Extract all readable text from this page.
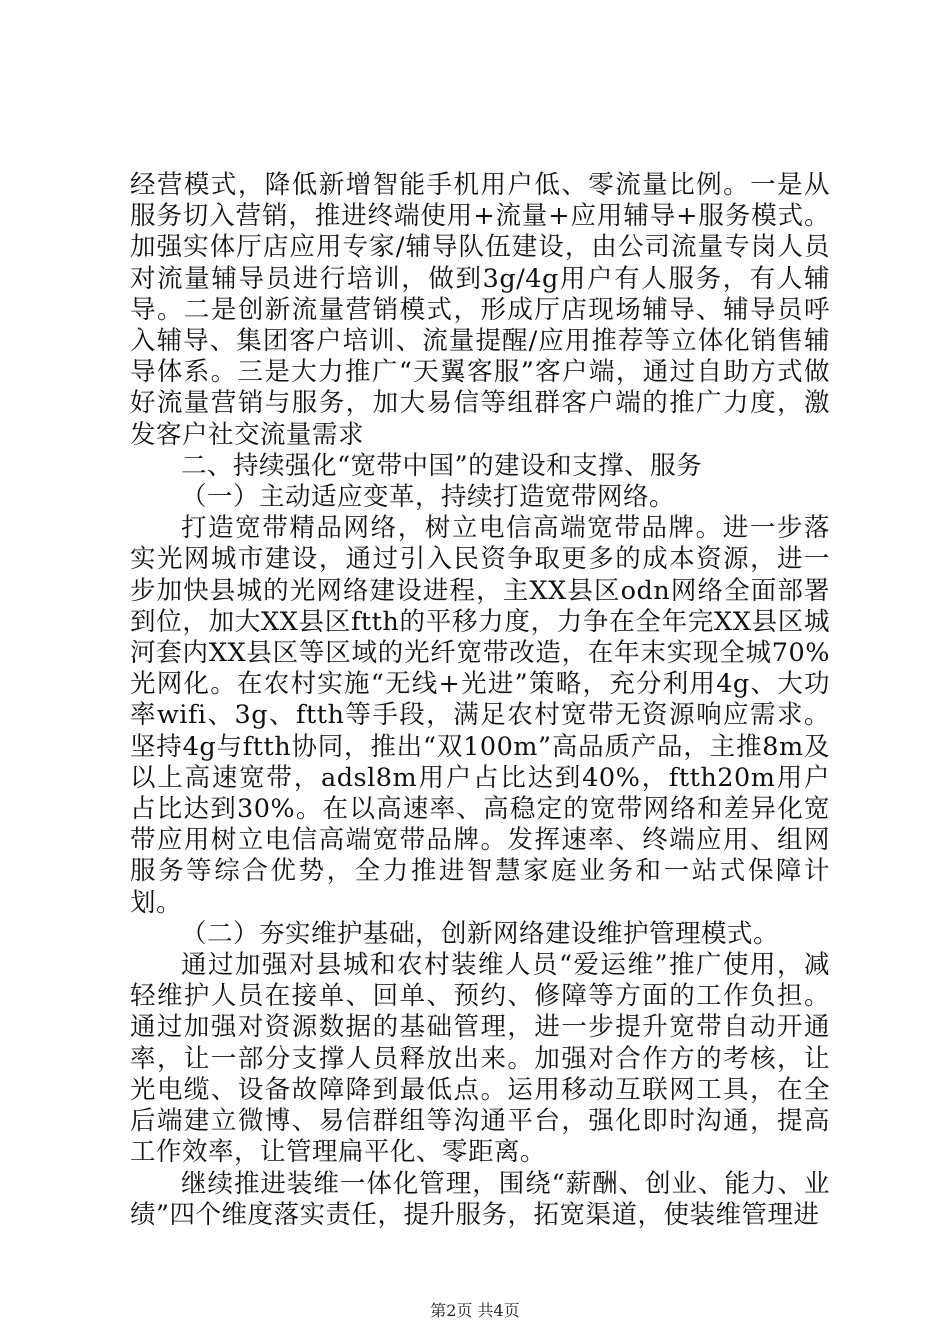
经营模式，降低新增智能手机用户低、零流量比例。一是从服务切入营销，推进终端使用+流量+应用辅导+服务模式。加强实体厅店应用专家/辅导队伍建设，由公司流量专岗人员对流量辅导员进行培训，做到3g/4g用户有人服务，有人辅导。二是创新流量营销模式，形成厅店现场辅导、辅导员呼入辅导、集团客户培训、流量提醒/应用推荐等立体化销售辅导体系。三是大力推广“天翼客服”客户端，通过自助方式做好流量营销与服务，加大易信等组群客户端的推广力度，激发客户社交流量需求

二、持续强化“宽带中国”的建设和支撑、服务

（一）主动适应变革，持续打造宽带网络。

打造宽带精品网络，树立电信高端宽带品牌。进一步落实光网城市建设，通过引入民资争取更多的成本资源，进一步加快县城的光网络建设进程，主XX县区odn网络全面部署到位，加大XX县区ftth的平移力度，力争在全年完XX县区城河套内XX县区等区域的光纤宽带改造，在年末实现全城70%光网化。在农村实施“无线+光进”策略，充分利用4g、大功率wifi、3g、ftth等手段，满足农村宽带无资源响应需求。坚持4g与ftth协同，推出“双100m”高品质产品，主推8m及以上高速宽带，adsl8m用户占比达到40%，ftth20m用户占比达到30%。在以高速率、高稳定的宽带网络和差异化宽带应用树立电信高端宽带品牌。发挥速率、终端应用、组网服务等综合优势，全力推进智慧家庭业务和一站式保障计划。

（二）夯实维护基础，创新网络建设维护管理模式。

通过加强对县城和农村装维人员“爱运维”推广使用，减轻维护人员在接单、回单、预约、修障等方面的工作负担。通过加强对资源数据的基础管理，进一步提升宽带自动开通率，让一部分支撑人员释放出来。加强对合作方的考核，让光电缆、设备故障降到最低点。运用移动互联网工具，在全后端建立微博、易信群组等沟通平台，强化即时沟通，提高工作效率，让管理扁平化、零距离。

继续推进装维一体化管理，围绕“薪酬、创业、能力、业绩”四个维度落实责任，提升服务，拓宽渠道，使装维管理进

第2页 共4页
